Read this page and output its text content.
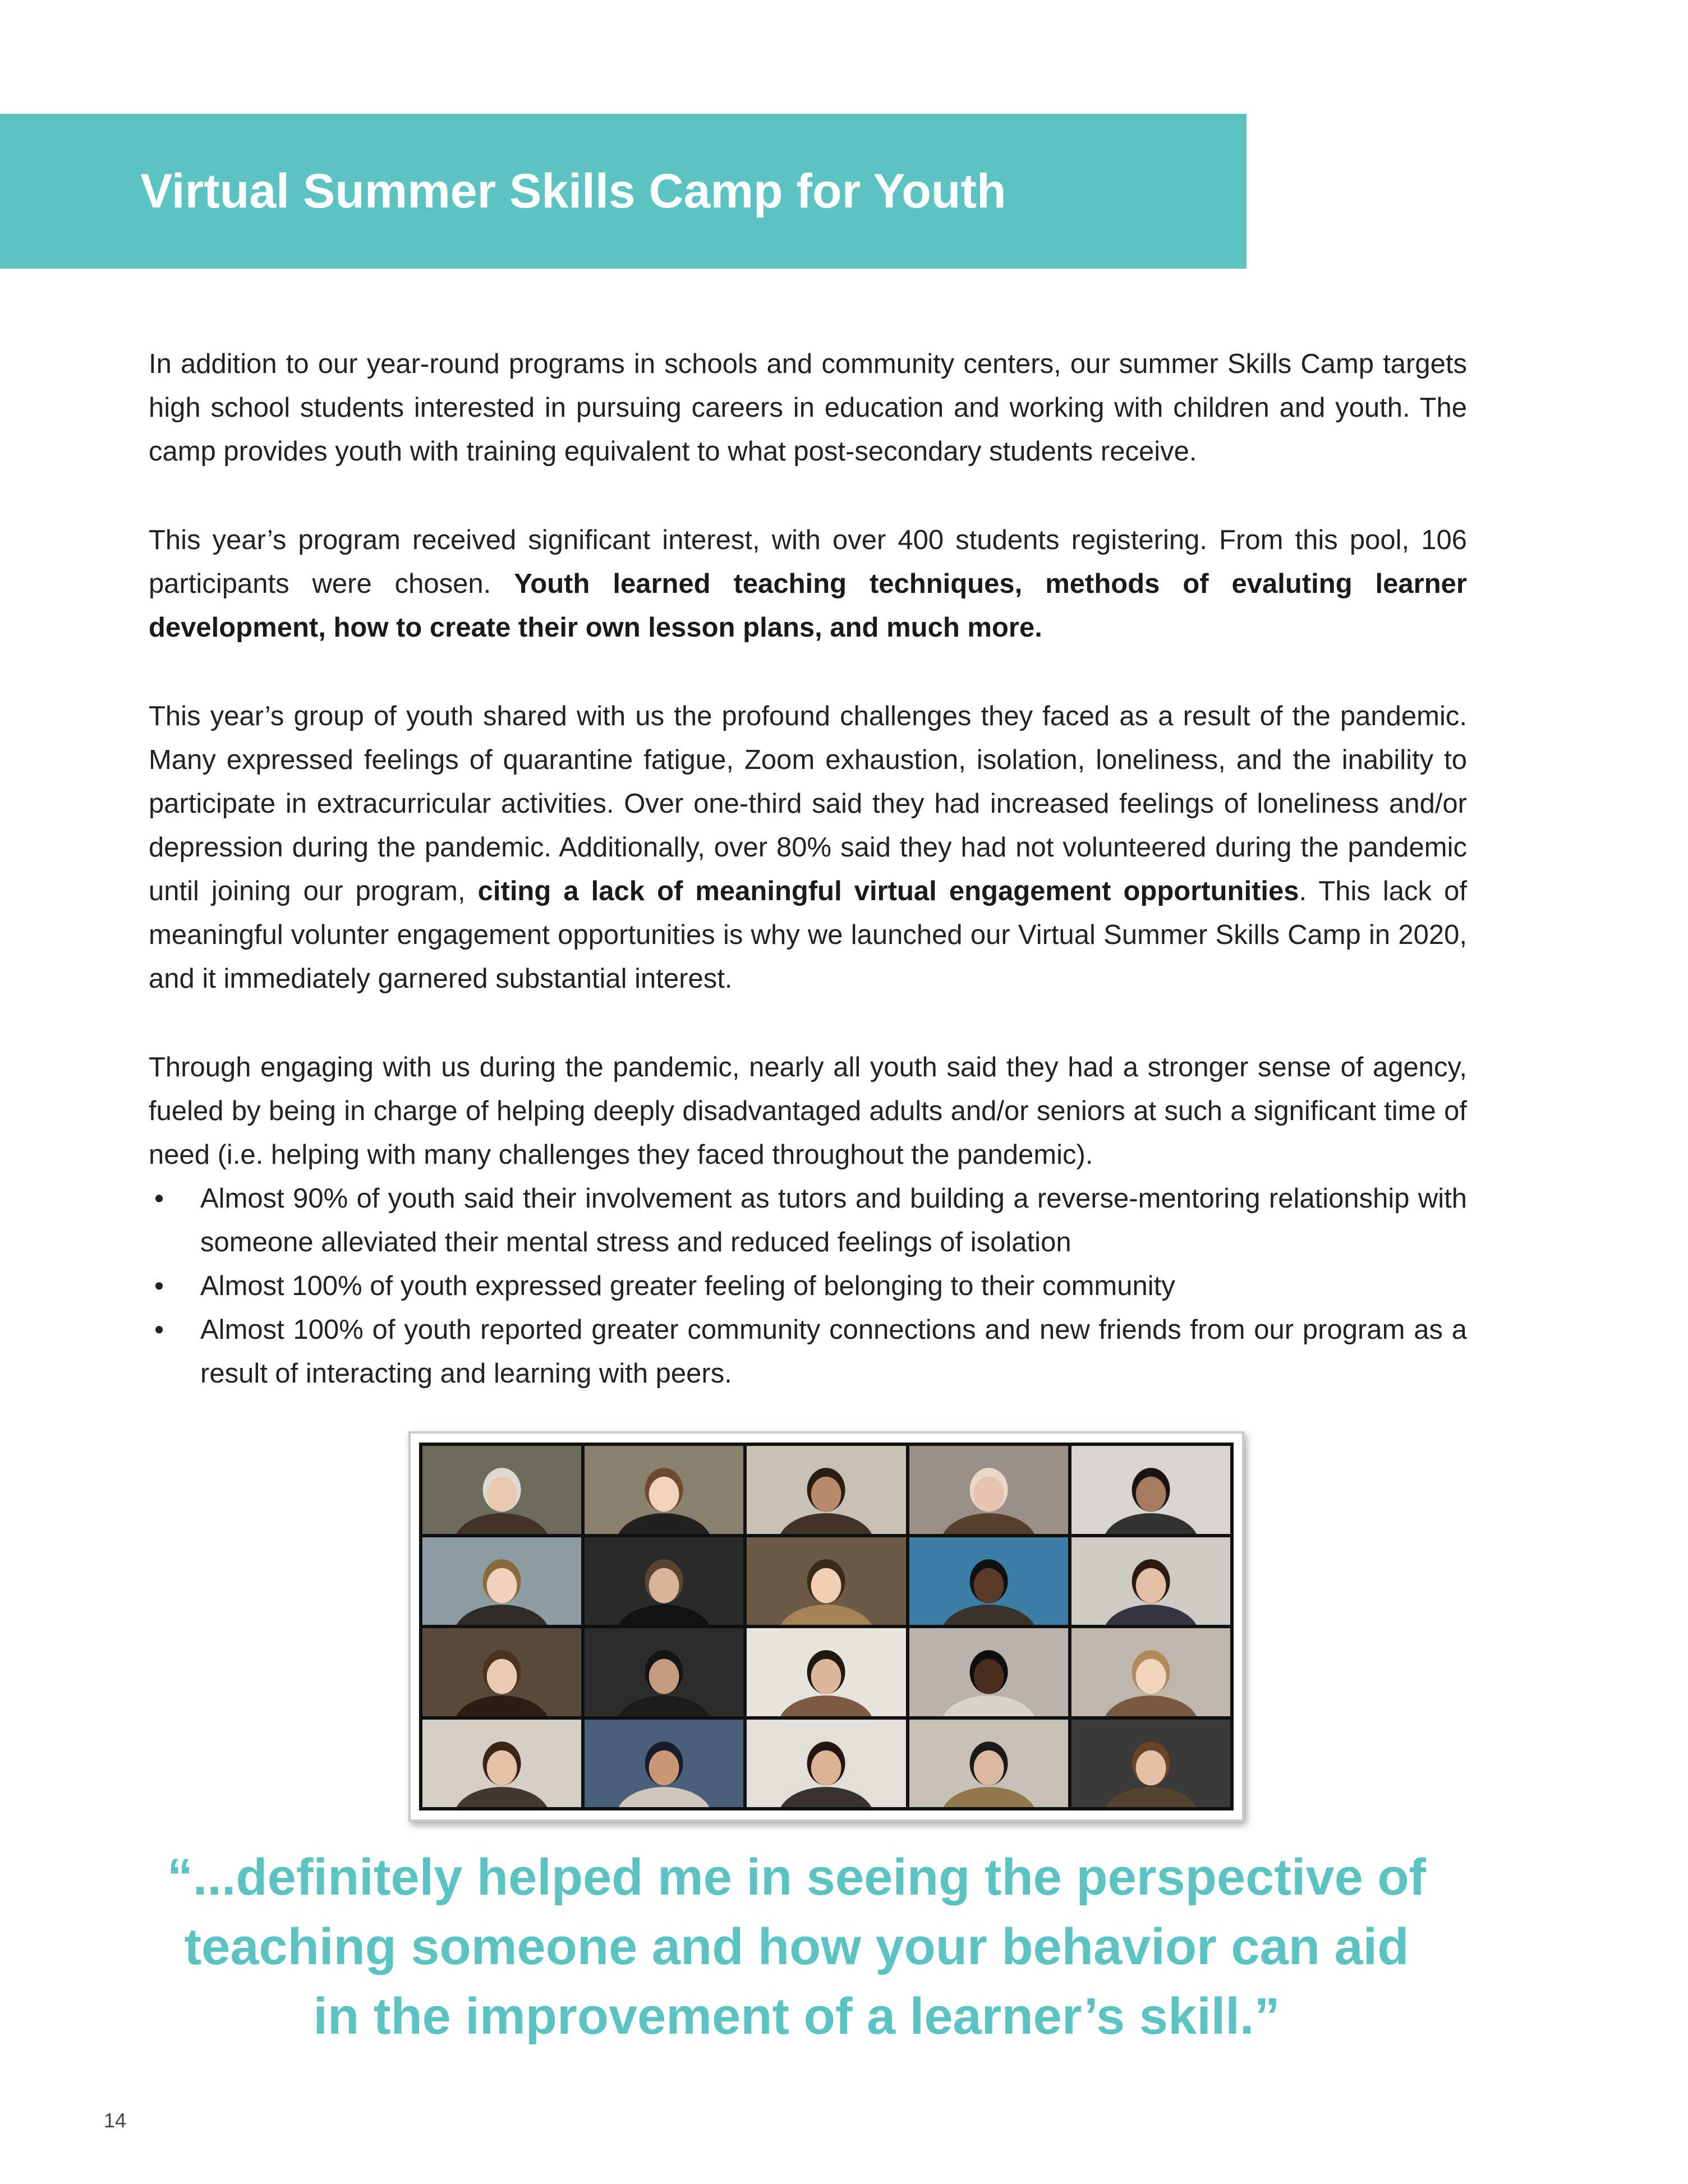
Virtual Summer Skills Camp for Youth

In addition to our year-round programs in schools and community centers, our summer Skills Camp targets high school students interested in pursuing careers in education and working with children and youth. The camp provides youth with training equivalent to what post-secondary students receive.

This year’s program received significant interest, with over 400 students registering. From this pool, 106 participants were chosen. Youth learned teaching techniques, methods of evaluting learner development, how to create their own lesson plans, and much more.

This year’s group of youth shared with us the profound challenges they faced as a result of the pandemic. Many expressed feelings of quarantine fatigue, Zoom exhaustion, isolation, loneliness, and the inability to participate in extracurricular activities. Over one-third said they had increased feelings of loneliness and/or depression during the pandemic. Additionally, over 80% said they had not volunteered during the pandemic until joining our program, citing a lack of meaningful virtual engagement opportunities. This lack of meaningful volunter engagement opportunities is why we launched our Virtual Summer Skills Camp in 2020, and it immediately garnered substantial interest.

Through engaging with us during the pandemic, nearly all youth said they had a stronger sense of agency, fueled by being in charge of helping deeply disadvantaged adults and/or seniors at such a significant time of need (i.e. helping with many challenges they faced throughout the pandemic).

• Almost 90% of youth said their involvement as tutors and building a reverse-mentoring relationship with someone alleviated their mental stress and reduced feelings of isolation
• Almost 100% of youth expressed greater feeling of belonging to their community
• Almost 100% of youth reported greater community connections and new friends from our program as a result of interacting and learning with peers.
“...definitely helped me in seeing the perspective of
teaching someone and how your behavior can aid
in the improvement of a learner’s skill.”
14
